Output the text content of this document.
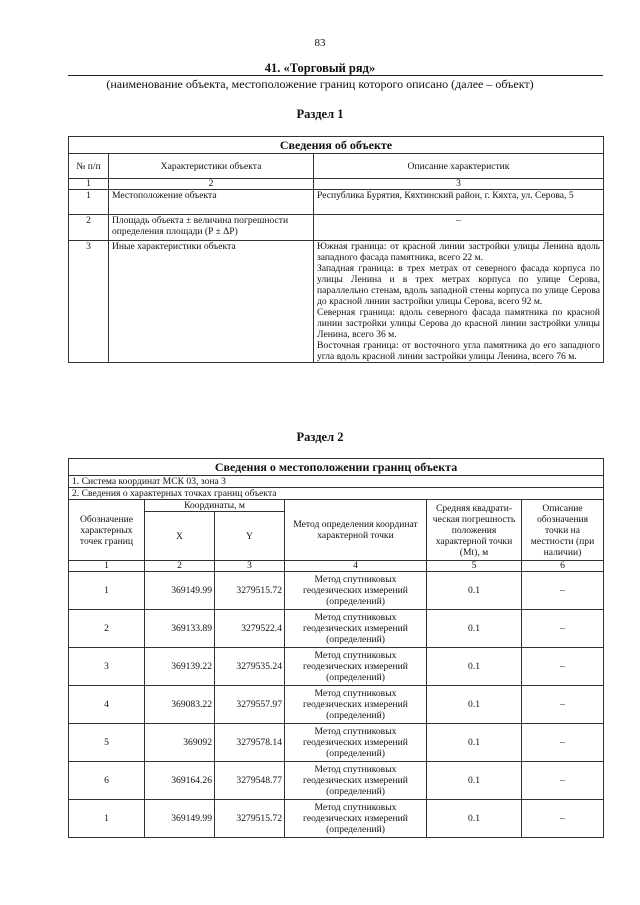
83
41. «Торговый ряд»
(наименование объекта, местоположение границ которого описано (далее – объект)
Раздел 1
Сведения об объекте		
№ п/п	Характеристики объекта	Описание характеристик
1	2	3
1	Местоположение объекта	Республика Бурятия, Кяхтинский район, г. Кяхта, ул. Серова, 5
2	Площадь объекта ± величина погрешности определения площади (P ± ΔP)	–
3	Иные характеристики объекта	Южная граница: от красной линии застройки улицы Ленина вдоль западного фасада памятника, всего 22 м.
Западная граница: в трех метрах от северного фасада корпуса по улицы Ленина и в трех метрах корпуса по улице Серова, параллельно стенам, вдоль западной стены корпуса по улице Серова до красной линии застройки улицы Серова, всего 92 м.
Северная граница: вдоль северного фасада памятника по красной линии застройки улицы Серова до красной линии застройки улицы Ленина, всего 36 м.
Восточная граница: от восточного угла памятника до его западного угла вдоль красной линии застройки улицы Ленина, всего 76 м.
Раздел 2
Сведения о местоположении границ объекта					
1. Система координат МСК 03, зона 3					
2. Сведения о характерных точках границ объекта					
Обозначение характерных точек границ	Координаты, м		Метод определения координат характерной точки	Средняя квадрати-ческая погрешность положения характерной точки (Mt), м	Описание обозначения точки на местности (при наличии)
	X	Y			
1	2	3	4	5	6
1	369149.99	3279515.72	Метод спутниковых геодезических измерений (определений)	0.1	–
2	369133.89	3279522.4	Метод спутниковых геодезических измерений (определений)	0.1	–
3	369139.22	3279535.24	Метод спутниковых геодезических измерений (определений)	0.1	–
4	369083.22	3279557.97	Метод спутниковых геодезических измерений (определений)	0.1	–
5	369092	3279578.14	Метод спутниковых геодезических измерений (определений)	0.1	–
6	369164.26	3279548.77	Метод спутниковых геодезических измерений (определений)	0.1	–
1	369149.99	3279515.72	Метод спутниковых геодезических измерений (определений)	0.1	–
